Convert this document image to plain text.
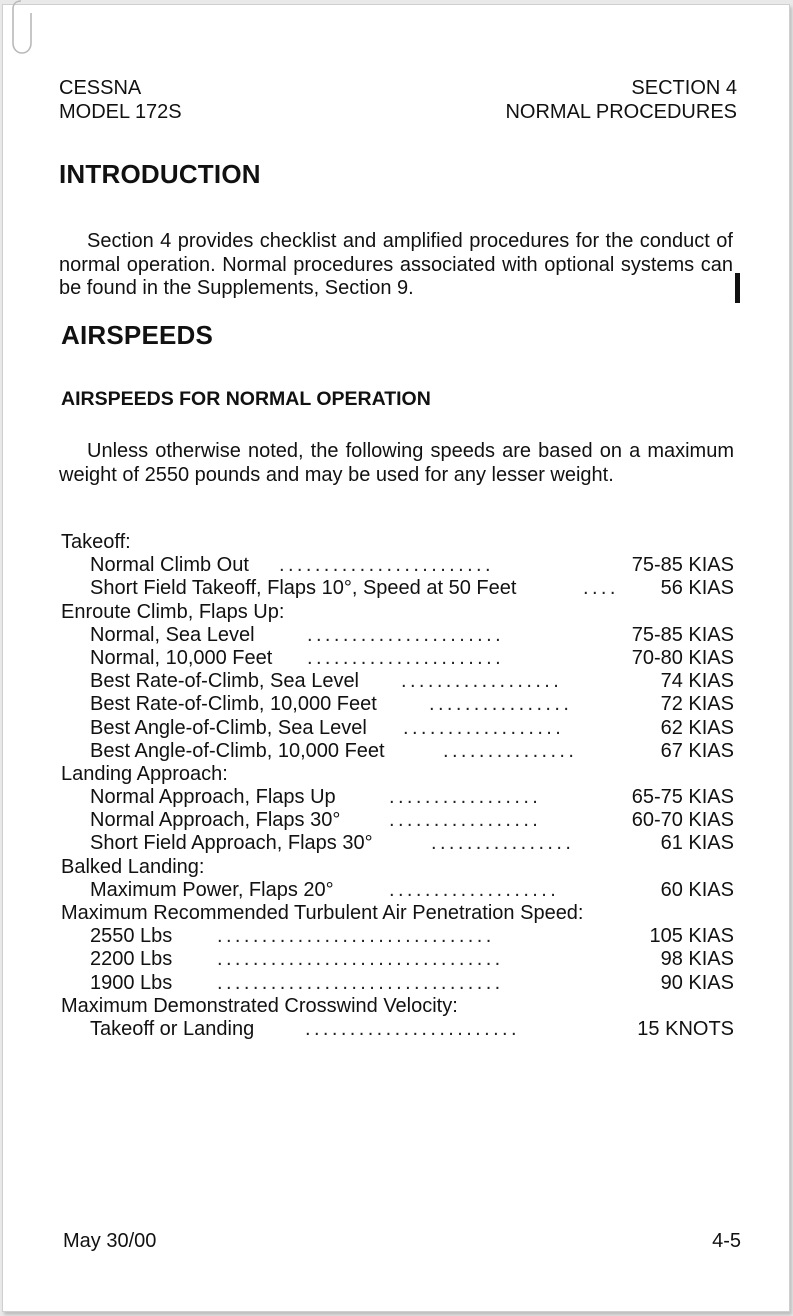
CESSNA
MODEL 172S
SECTION 4
NORMAL PROCEDURES
INTRODUCTION

Section 4 provides checklist and amplified procedures for the conduct of normal operation. Normal procedures associated with optional systems can be found in the Supplements, Section 9.

AIRSPEEDS
AIRSPEEDS FOR NORMAL OPERATION

Unless otherwise noted, the following speeds are based on a maximum weight of 2550 pounds and may be used for any lesser weight.

Takeoff:
Normal Climb Out ........................	75-85 KIAS
Short Field Takeoff, Flaps 10°, Speed at 50 Feet	.... 56 KIAS
Enroute Climb, Flaps Up:
Normal, Sea Level	......................	75-85 KIAS
Normal, 10,000 Feet ......................	70-80 KIAS
Best Rate-of-Climb, Sea Level ..................	74 KIAS
Best Rate-of-Climb, 10,000 Feet	................	72 KIAS
Best Angle-of-Climb, Sea Level ..................	62 KIAS
Best Angle-of-Climb, 10,000 Feet	...............	67 KIAS
Landing Approach:
Normal Approach, Flaps Up	.................	65-75 KIAS
Normal Approach, Flaps 30° .................	60-70 KIAS
Short Field Approach, Flaps 30°	................	61 KIAS
Balked Landing:
Maximum Power, Flaps 20°	...................	60 KIAS
Maximum Recommended Turbulent Air Penetration Speed:
2550 Lbs ...............................	105 KIAS
2200 Lbs ................................	98 KIAS
1900 Lbs ................................	90 KIAS
Maximum Demonstrated Crosswind Velocity:
Takeoff or Landing	........................	15 KNOTS
May 30/00	4-5
